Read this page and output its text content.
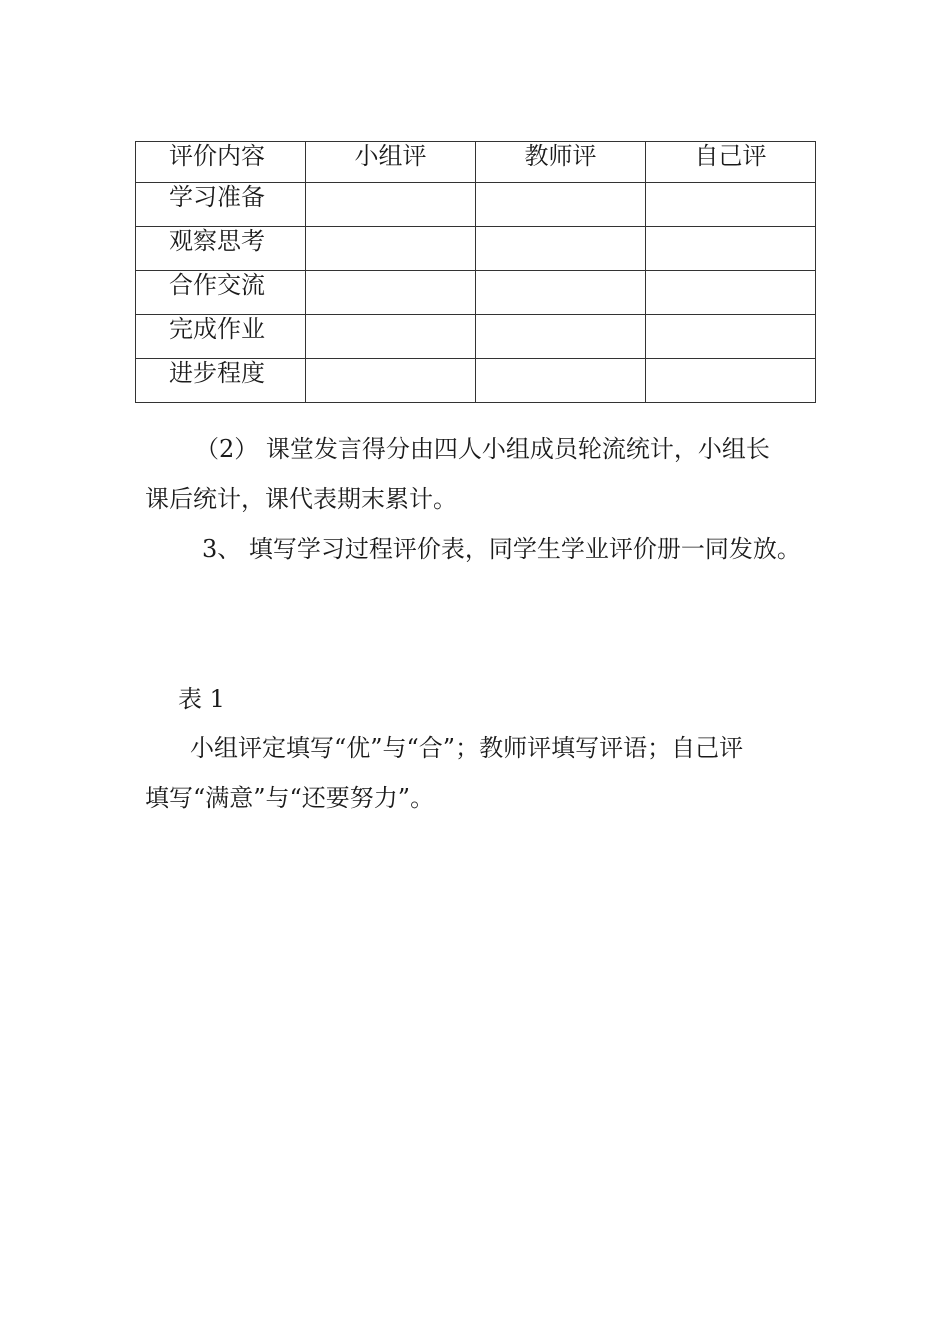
评价内容	小组评	教师评	自己评
学习准备			
观察思考			
合作交流			
完成作业			
进步程度			

（2） 课堂发言得分由四人小组成员轮流统计，小组长

课后统计，课代表期末累计。

3、 填写学习过程评价表，同学生学业评价册一同发放。

表 1

小组评定填写“优”与“合”；教师评填写评语；自己评

填写“满意”与“还要努力”。
